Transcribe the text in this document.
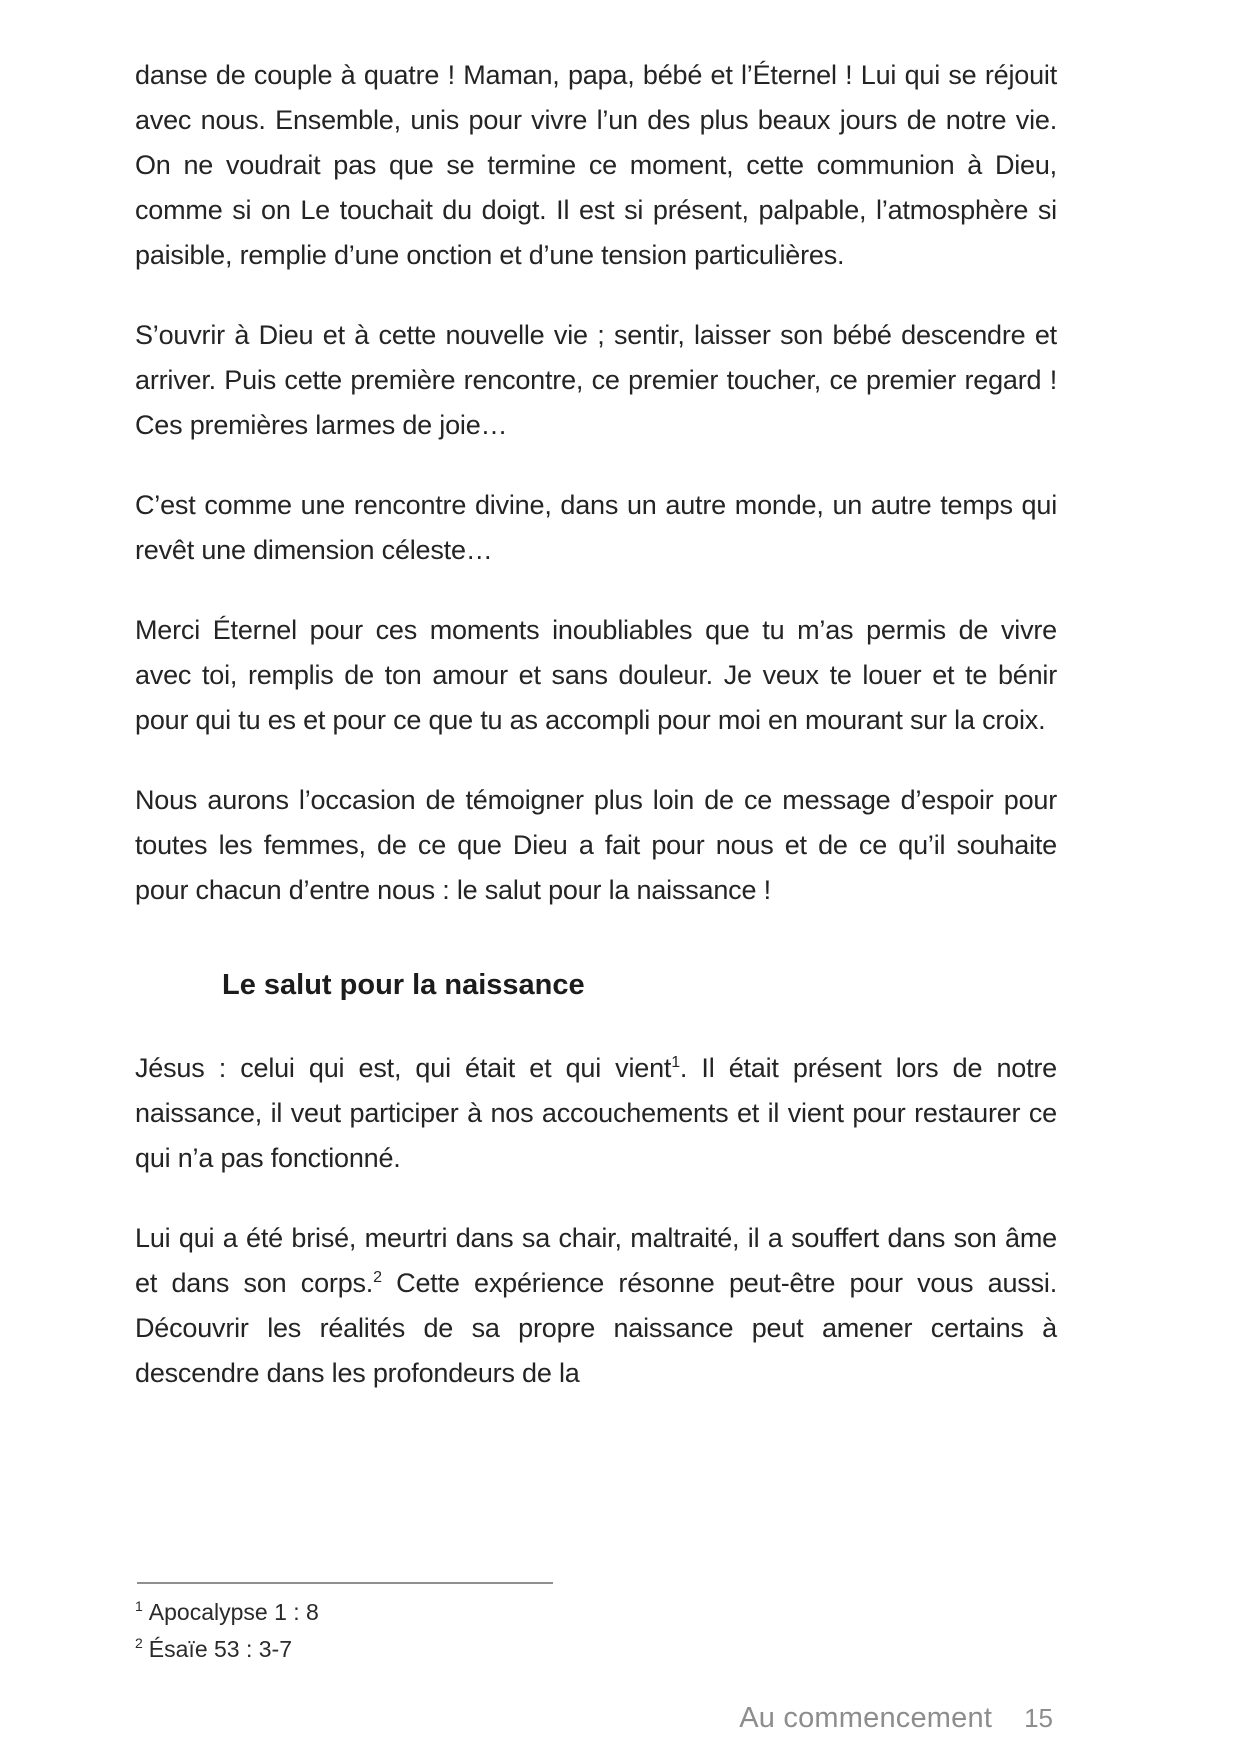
danse de couple à quatre ! Maman, papa, bébé et l’Éternel ! Lui qui se réjouit avec nous. Ensemble, unis pour vivre l’un des plus beaux jours de notre vie. On ne voudrait pas que se termine ce moment, cette communion à Dieu, comme si on Le touchait du doigt. Il est si présent, palpable, l’atmosphère si paisible, remplie d’une onction et d’une tension particulières.

S’ouvrir à Dieu et à cette nouvelle vie ; sentir, laisser son bébé descendre et arriver. Puis cette première rencontre, ce premier toucher, ce premier regard ! Ces premières larmes de joie…

C’est comme une rencontre divine, dans un autre monde, un autre temps qui revêt une dimension céleste…

Merci Éternel pour ces moments inoubliables que tu m’as permis de vivre avec toi, remplis de ton amour et sans douleur. Je veux te louer et te bénir pour qui tu es et pour ce que tu as accompli pour moi en mourant sur la croix.

Nous aurons l’occasion de témoigner plus loin de ce message d’espoir pour toutes les femmes, de ce que Dieu a fait pour nous et de ce qu’il souhaite pour chacun d’entre nous : le salut pour la naissance !

Le salut pour la naissance

Jésus : celui qui est, qui était et qui vient$^1$. Il était présent lors de notre naissance, il veut participer à nos accouchements et il vient pour restaurer ce qui n’a pas fonctionné.

Lui qui a été brisé, meurtri dans sa chair, maltraité, il a souffert dans son âme et dans son corps.$^2$ Cette expérience résonne peut-être pour vous aussi. Découvrir les réalités de sa propre naissance peut amener certains à descendre dans les profondeurs de la

$^1$ Apocalypse 1 : 8
$^2$ Ésaïe 53 : 3-7
Au commencement 15
